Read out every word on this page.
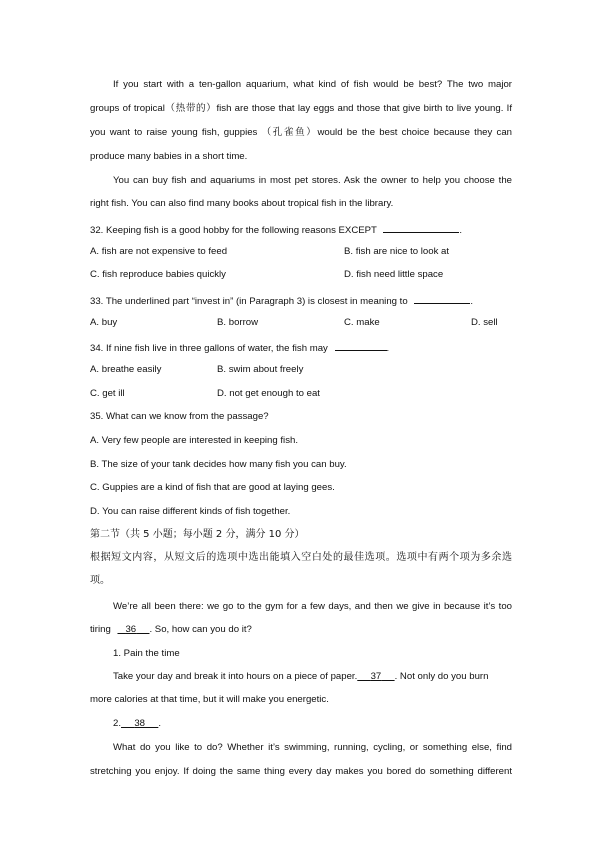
If you start with a ten-gallon aquarium, what kind of fish would be best? The two major
groups of tropical（热带的）fish are those that lay eggs and those that give birth to live young. If
you want to raise young fish, guppies （孔雀鱼）would be the best choice because they can
produce many babies in a short time.
You can buy fish and aquariums in most pet stores. Ask the owner to help you choose the
right fish. You can also find many books about tropical fish in the library.
32. Keeping fish is a good hobby for the following reasons EXCEPT	.
A. fish are not expensive to feed	B. fish are nice to look at
C. fish reproduce babies quickly	D. fish need little space
33. The underlined part “invest in” (in Paragraph 3) is closest in meaning to	.
A. buy	B. borrow	C. make	D. sell
34. If nine fish live in three gallons of water, the fish may	.
A. breathe easily	B. swim about freely
C. get ill	D. not get enough to eat
35. What can we know from the passage?
A. Very few people are interested in keeping fish.
B. The size of your tank decides how many fish you can buy.
C. Guppies are a kind of fish that are good at laying gees.
D. You can raise different kinds of fish together.
第二节（共 5 小题；每小题 2 分，满分 10 分）
根据短文内容，从短文后的选项中选出能填入空白处的最佳选项。选项中有两个项为多余选
项。
We’re all been there: we go to the gym for a few days, and then we give in because it’s too
tiring 36 . So, how can you do it?
1. Pain the time
Take your day and break it into hours on a piece of paper. 37 . Not only do you burn
more calories at that time, but it will make you energetic.
2. 38 .
What do you like to do? Whether it’s swimming, running, cycling, or something else, find
stretching you enjoy. If doing the same thing every day makes you bored do something different
